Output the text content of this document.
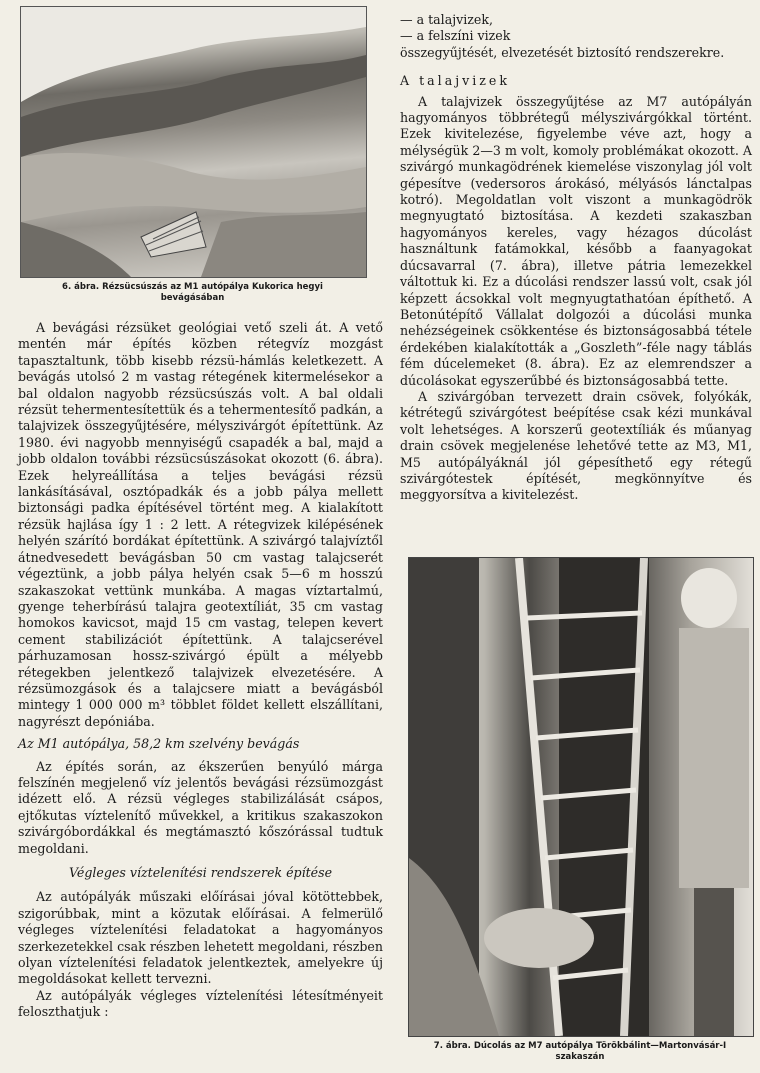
6. ábra. Rézsücsúszás az M1 autópálya Kukorica hegyi
bevágásában

A bevágási rézsüket geológiai vető szeli át. A vető mentén már építés közben rétegvíz mozgást tapasztaltunk, több kisebb rézsü-hámlás keletkezett. A bevágás utolsó 2 m vastag rétegének kitermelésekor a bal oldalon nagyobb rézsücsúszás volt. A bal oldali rézsüt tehermentesítettük és a tehermentesítő padkán, a talajvizek összegyűjtésére, mélyszivárgót építettünk. Az 1980. évi nagyobb mennyiségű csapadék a bal, majd a jobb oldalon további rézsücsúszásokat okozott (6. ábra). Ezek helyreállítása a teljes bevágási rézsü lankásításával, osztópadkák és a jobb pálya mellett biztonsági padka építésével történt meg. A kialakított rézsük hajlása így 1 : 2 lett. A rétegvizek kilépésének helyén szárító bordákat építettünk. A szivárgó talajvíztől átnedvesedett bevágásban 50 cm vastag talajcserét végeztünk, a jobb pálya helyén csak 5—6 m hosszú szakaszokat vettünk munkába. A magas víztartalmú, gyenge teherbírású talajra geotextíliát, 35 cm vastag homokos kavicsot, majd 15 cm vastag, telepen kevert cement stabilizációt építettünk. A talajcserével párhuzamosan hossz-szivárgó épült a mélyebb rétegekben jelentkező talajvizek elvezetésére. A rézsümozgások és a talajcsere miatt a bevágásból mintegy 1 000 000 m³ többlet földet kellett elszállítani, nagyrészt depóniába.

Az M1 autópálya, 58,2 km szelvény bevágás

Az építés során, az ékszerűen benyúló márga felszínén megjelenő víz jelentős bevágási rézsümozgást idézett elő. A rézsü végleges stabilizálását csápos, ejtőkutas víztelenítő művekkel, a kritikus szakaszokon szivárgóbordákkal és megtámasztó kőszórással tudtuk megoldani.

Végleges víztelenítési rendszerek építése

Az autópályák műszaki előírásai jóval kötöttebbek, szigorúbbak, mint a közutak előírásai. A felmerülő végleges víztelenítési feladatokat a hagyományos szerkezetekkel csak részben lehetett megoldani, részben olyan víztelenítési feladatok jelentkeztek, amelyekre új megoldásokat kellett tervezni.

Az autópályák végleges víztelenítési létesítményeit feloszthatjuk :

— a talajvizek,

— a felszíni vizek

összegyűjtését, elvezetését biztosító rendszerekre.

A talajvizek

A talajvizek összegyűjtése az M7 autópályán hagyományos többrétegű mélyszivárgókkal történt. Ezek kivitelezése, figyelembe véve azt, hogy a mélységük 2—3 m volt, komoly problémákat okozott. A szivárgó munkagödrének kiemelése viszonylag jól volt gépesítve (vedersoros árokásó, mélyásós lánctalpas kotró). Megoldatlan volt viszont a munkagödrök megnyugtató biztosítása. A kezdeti szakaszban hagyományos kereles, vagy hézagos dúcolást használtunk fatámokkal, később a faanyagokat dúcsavarral (7. ábra), illetve pátria lemezekkel váltottuk ki. Ez a dúcolási rendszer lassú volt, csak jól képzett ácsokkal volt megnyugtathatóan építhető. A Betonútépítő Vállalat dolgozói a dúcolási munka nehézségeinek csökkentése és biztonságosabbá tétele érdekében kialakították a „Goszleth”-féle nagy táblás fém dúcelemeket (8. ábra). Ez az elemrendszer a dúcolásokat egyszerűbbé és biztonságosabbá tette.

A szivárgóban tervezett drain csövek, folyókák, kétrétegű szivárgótest beépítése csak kézi munkával volt lehetséges. A korszerű geotextíliák és műanyag drain csövek megjelenése lehetővé tette az M3, M1, M5 autópályáknál jól gépesíthető egy rétegű szivárgótestek építését, megkönnyítve és meggyorsítva a kivitelezést.

7. ábra. Dúcolás az M7 autópálya Törökbálint—Martonvásár-I
szakaszán
